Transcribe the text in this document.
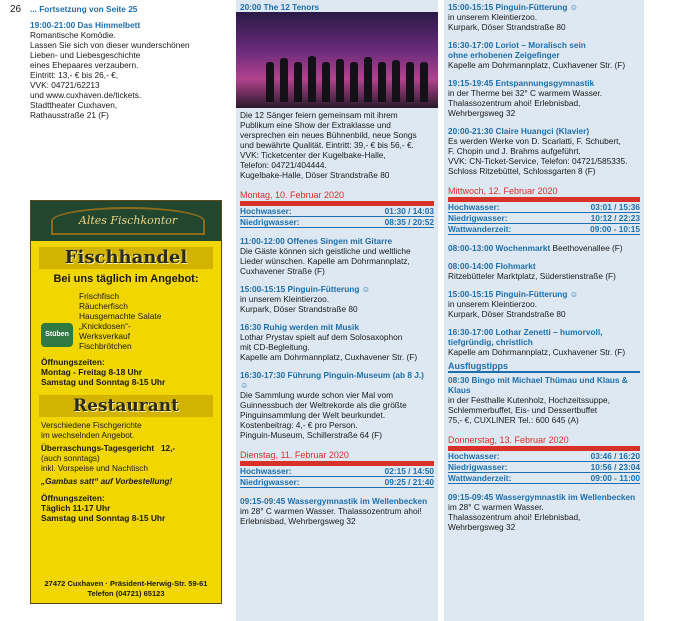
26 ... Fortsetzung von Seite 25

19:00-21:00 Das Himmelbett

Romantische Komödie.

Lassen Sie sich von dieser wunderschönen

Lieben- und Liebesgeschichte

eines Ehepaares verzaubern.

Eintritt: 13,- € bis 26,- €,

VVK: 04721/62213

und www.cuxhaven.de/tickets.

Stadttheater Cuxhaven,

Rathausstraße 21 (F)

Altes Fischkontor
Fischhandel
Bei uns täglich im Angebot:
Stüben
Frischfisch
Räucherfisch
Hausgemachte Salate
„Knickdosen“-
Werksverkauf
Fischbrötchen
Öffnungszeiten:
Montag - Freitag 8-18 Uhr
Samstag und Sonntag 8-15 Uhr
Restaurant
Verschiedene Fischgerichte
im wechselnden Angebot.
Überraschungs-Tagesgericht   12,-
(auch sonntags)
inkl. Vorspeise und Nachtisch
„Gambas satt“ auf Vorbestellung!
Öffnungszeiten:
Täglich 11-17 Uhr
Samstag und Sonntag 8-15 Uhr
27472 Cuxhaven · Präsident-Herwig-Str. 59-61
Telefon (04721) 65123

20:00 The 12 Tenors

Die 12 Sänger feiern gemeinsam mit ihrem

Publikum eine Show der Extraklasse und

versprechen ein neues Bühnenbild, neue Songs

und bewährte Qualität. Eintritt: 39,- € bis 56,- €.

VVK: Ticketcenter der Kugelbake-Halle,

Telefon: 04721/404444.

Kugelbake-Halle, Döser Strandstraße 80

Montag, 10. Februar 2020
Hochwasser:	01:30 / 14:03
Niedrigwasser:	08:35 / 20:52

11:00-12:00 Offenes Singen mit Gitarre

Die Gäste können sich geistliche und weltliche

Lieder wünschen. Kapelle am Dohrmannplatz,

Cuxhavener Straße (F)

15:00-15:15 Pinguin-Fütterung ☺

in unserem Kleintierzoo.

Kurpark, Döser Strandstraße 80

16:30 Ruhig werden mit Musik

Lothar Prystav spielt auf dem Solosaxophon

mit CD-Begleitung.

Kapelle am Dohrmannplatz, Cuxhavener Str. (F)

16:30-17:30 Führung Pinguin-Museum (ab 8 J.) ☺

Die Sammlung wurde schon vier Mal vom

Guinnessbuch der Weltrekorde als die größte

Pinguinsammlung der Welt beurkundet.

Kostenbeitrag: 4,- € pro Person.

Pinguin-Museum, Schillerstraße 64 (F)

Dienstag, 11. Februar 2020
Hochwasser:	02:15 / 14:50
Niedrigwasser:	09:25 / 21:40

09:15-09:45 Wassergymnastik im Wellenbecken

im 28° C warmen Wasser. Thalassozentrum ahoi!

Erlebnisbad, Wehrbergsweg 32

15:00-15:15 Pinguin-Fütterung ☺

in unserem Kleintierzoo.

Kurpark, Döser Strandstraße 80

16:30-17:00 Loriot – Moralisch sein

ohne erhobenen Zeigefinger

Kapelle am Dohrmannplatz, Cuxhavener Str. (F)

19:15-19:45 Entspannungsgymnastik

in der Therme bei 32° C warmem Wasser.

Thalassozentrum ahoi! Erlebnisbad,

Wehrbergsweg 32

20:00-21:30 Claire Huangci (Klavier)

Es werden Werke von D. Scarlatti, F. Schubert,

F. Chopin und J. Brahms aufgeführt.

VVK: CN-Ticket-Service, Telefon: 04721/585335.

Schloss Ritzebüttel, Schlossgarten 8 (F)

Mittwoch, 12. Februar 2020
Hochwasser:	03:01 / 15:36
Niedrigwasser:	10:12 / 22:23
Wattwanderzeit:	09:00 - 10:15

08:00-13:00 Wochenmarkt Beethovenallee (F)

08:00-14:00 Flohmarkt

Ritzebütteler Marktplatz, Süderstienstraße (F)

15:00-15:15 Pinguin-Fütterung ☺

in unserem Kleintierzoo.

Kurpark, Döser Strandstraße 80

16:30-17:00 Lothar Zenetti – humorvoll,

tiefgründig, christlich

Kapelle am Dohrmannplatz, Cuxhavener Str. (F)

Ausflugstipps

08:30 Bingo mit Michael Thümau und Klaus & Klaus

in der Festhalle Kutenholz, Hochzeitssuppe,

Schlemmerbuffet, Eis- und Dessertbuffet

75,- €, CUXLINER Tel.: 600 645 (A)

Donnerstag, 13. Februar 2020
Hochwasser:	03:46 / 16:20
Niedrigwasser:	10:56 / 23:04
Wattwanderzeit:	09:00 - 11:00

09:15-09:45 Wassergymnastik im Wellenbecken

im 28° C warmen Wasser.

Thalassozentrum ahoi! Erlebnisbad,

Wehrbergsweg 32
